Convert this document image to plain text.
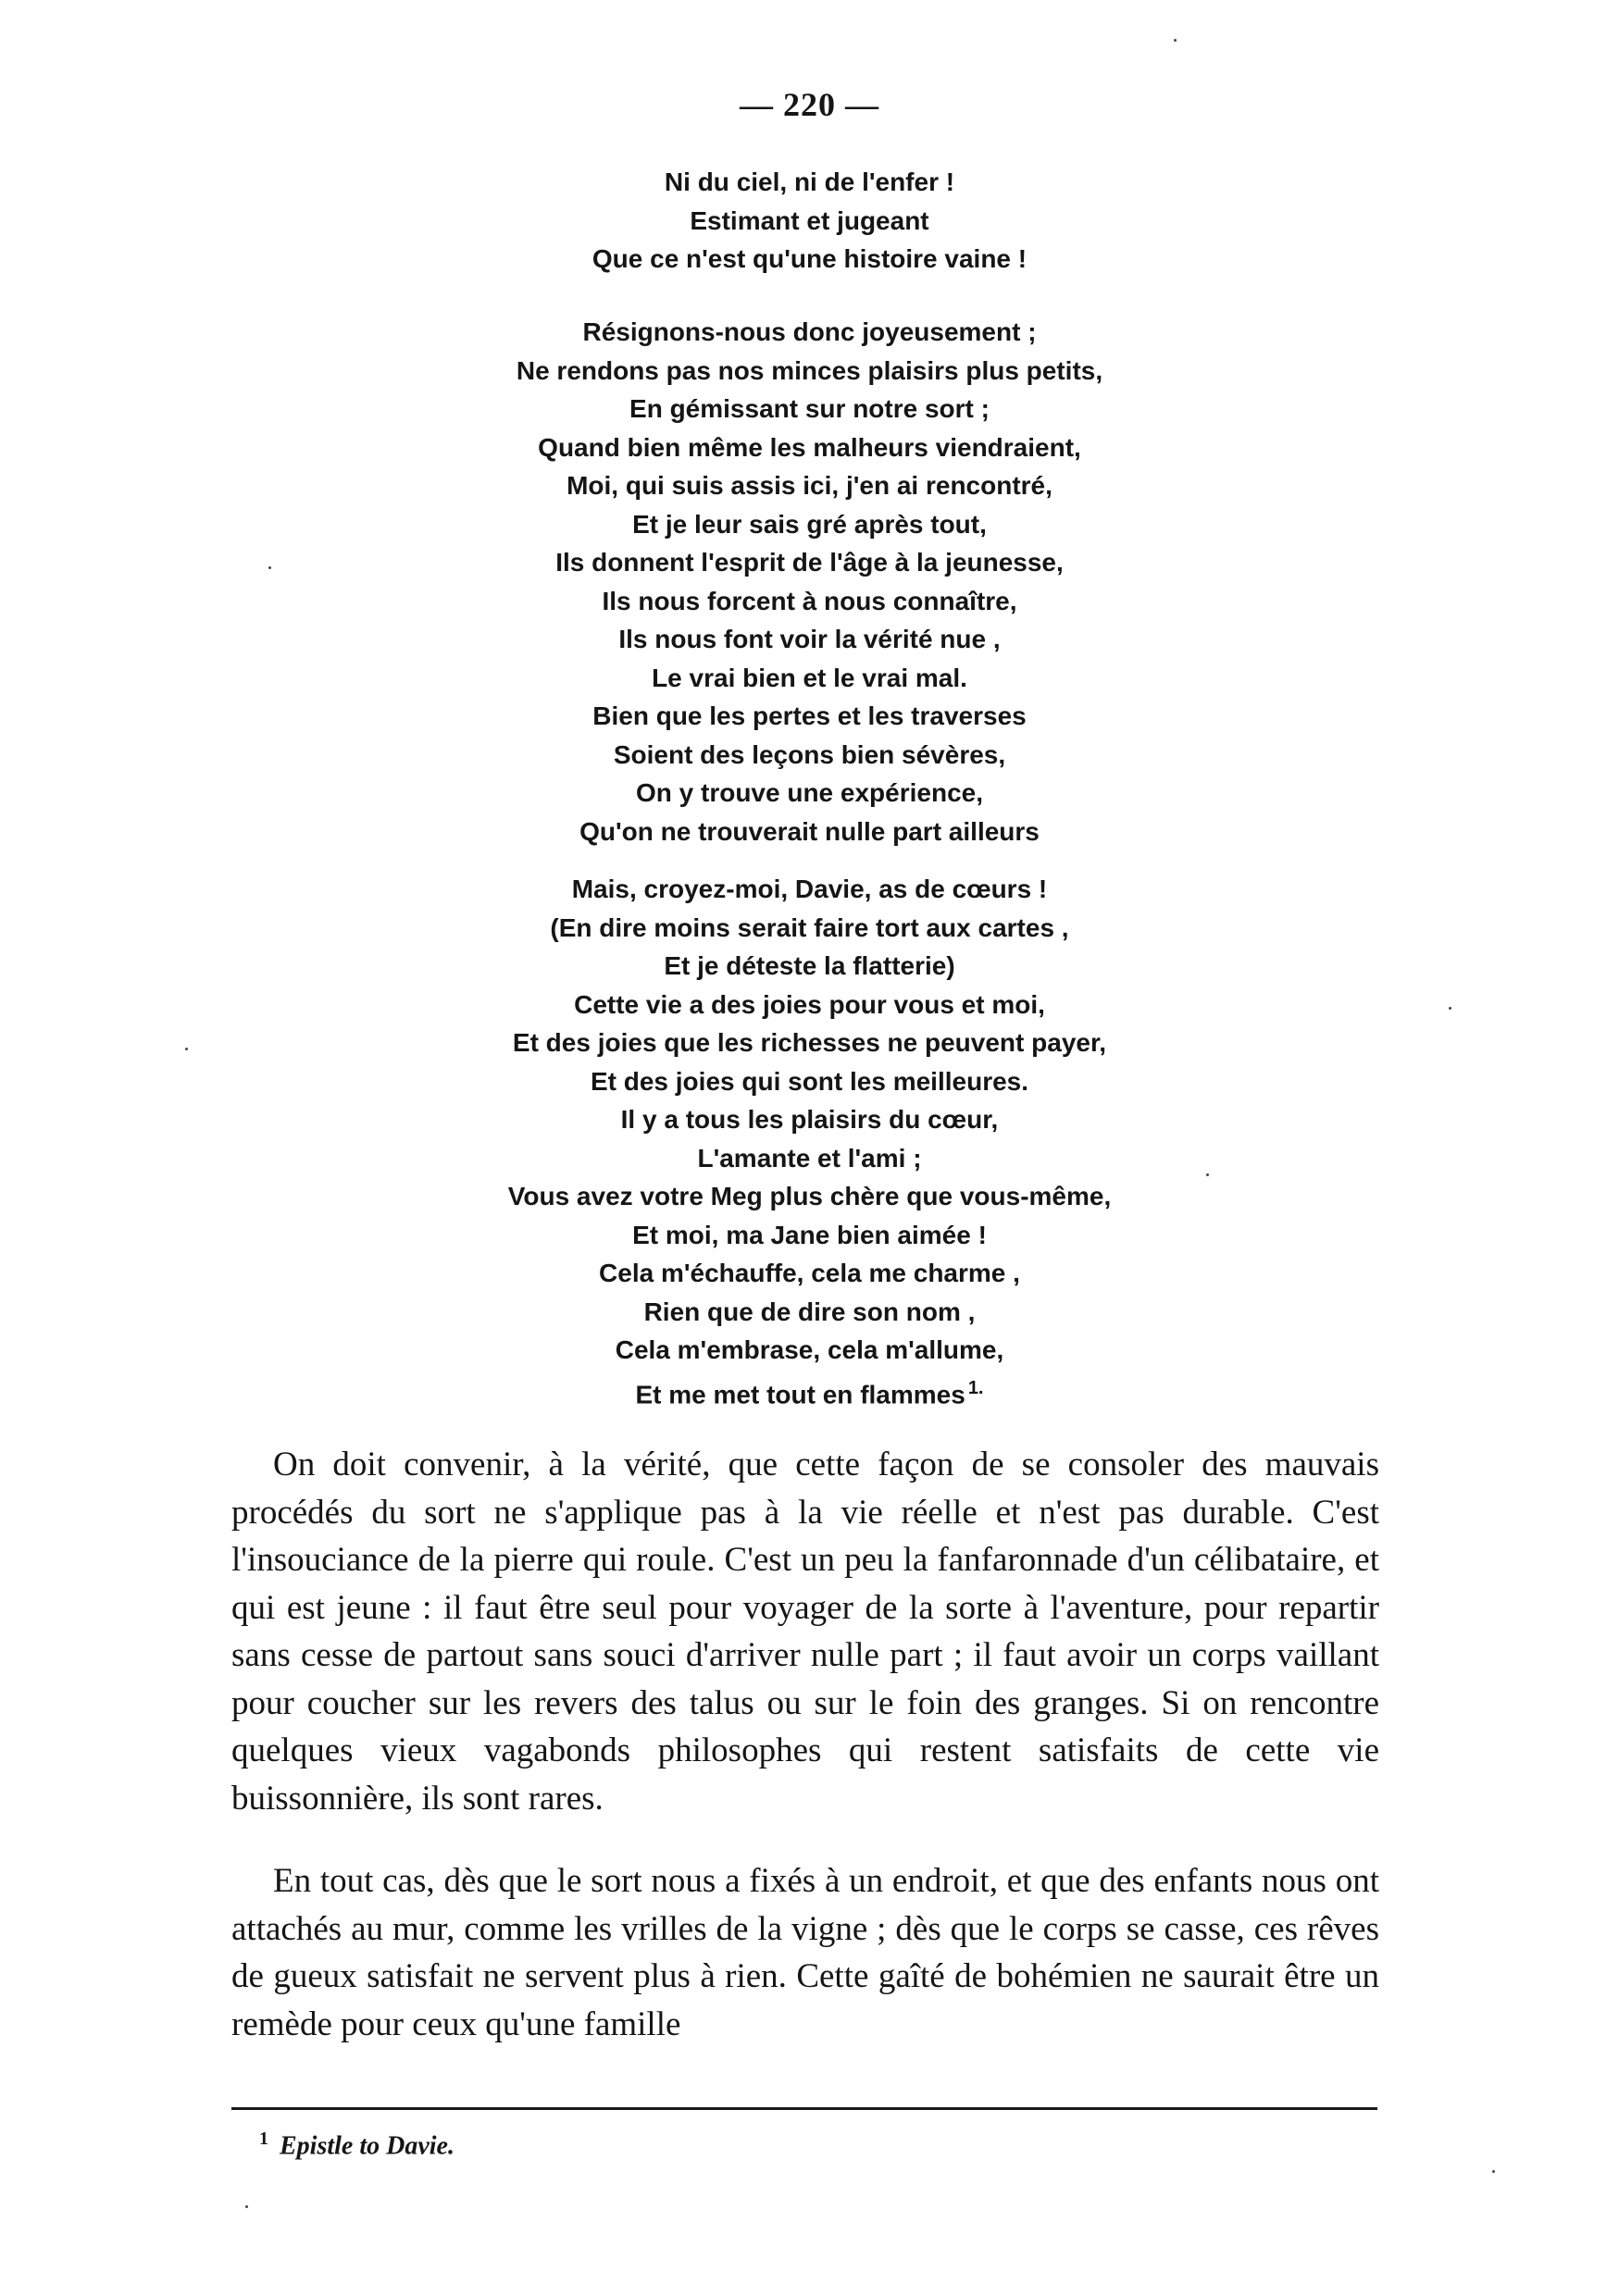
— 220 —
Ni du ciel, ni de l'enfer !
Estimant et jugeant
Que ce n'est qu'une histoire vaine !
Résignons-nous donc joyeusement ;
Ne rendons pas nos minces plaisirs plus petits,
En gémissant sur notre sort ;
Quand bien même les malheurs viendraient,
Moi, qui suis assis ici, j'en ai rencontré,
Et je leur sais gré après tout,
Ils donnent l'esprit de l'âge à la jeunesse,
Ils nous forcent à nous connaître,
Ils nous font voir la vérité nue ,
Le vrai bien et le vrai mal.
Bien que les pertes et les traverses
Soient des leçons bien sévères,
On y trouve une expérience,
Qu'on ne trouverait nulle part ailleurs
Mais, croyez-moi, Davie, as de cœurs !
(En dire moins serait faire tort aux cartes ,
Et je déteste la flatterie)
Cette vie a des joies pour vous et moi,
Et des joies que les richesses ne peuvent payer,
Et des joies qui sont les meilleures.
Il y a tous les plaisirs du cœur,
L'amante et l'ami ;
Vous avez votre Meg plus chère que vous-même,
Et moi, ma Jane bien aimée !
Cela m'échauffe, cela me charme ,
Rien que de dire son nom ,
Cela m'embrase, cela m'allume,
Et me met tout en flammes $^{1.}$

On doit convenir, à la vérité, que cette façon de se consoler des mauvais procédés du sort ne s'applique pas à la vie réelle et n'est pas durable. C'est l'insouciance de la pierre qui roule. C'est un peu la fanfaronnade d'un célibataire, et qui est jeune : il faut être seul pour voyager de la sorte à l'aventure, pour repartir sans cesse de partout sans souci d'arriver nulle part ; il faut avoir un corps vaillant pour coucher sur les revers des talus ou sur le foin des granges. Si on rencontre quelques vieux vagabonds philosophes qui restent satisfaits de cette vie buissonnière, ils sont rares.

En tout cas, dès que le sort nous a fixés à un endroit, et que des enfants nous ont attachés au mur, comme les vrilles de la vigne ; dès que le corps se casse, ces rêves de gueux satisfait ne servent plus à rien. Cette gaîté de bohémien ne saurait être un remède pour ceux qu'une famille

$^1$ Epistle to Davie.
